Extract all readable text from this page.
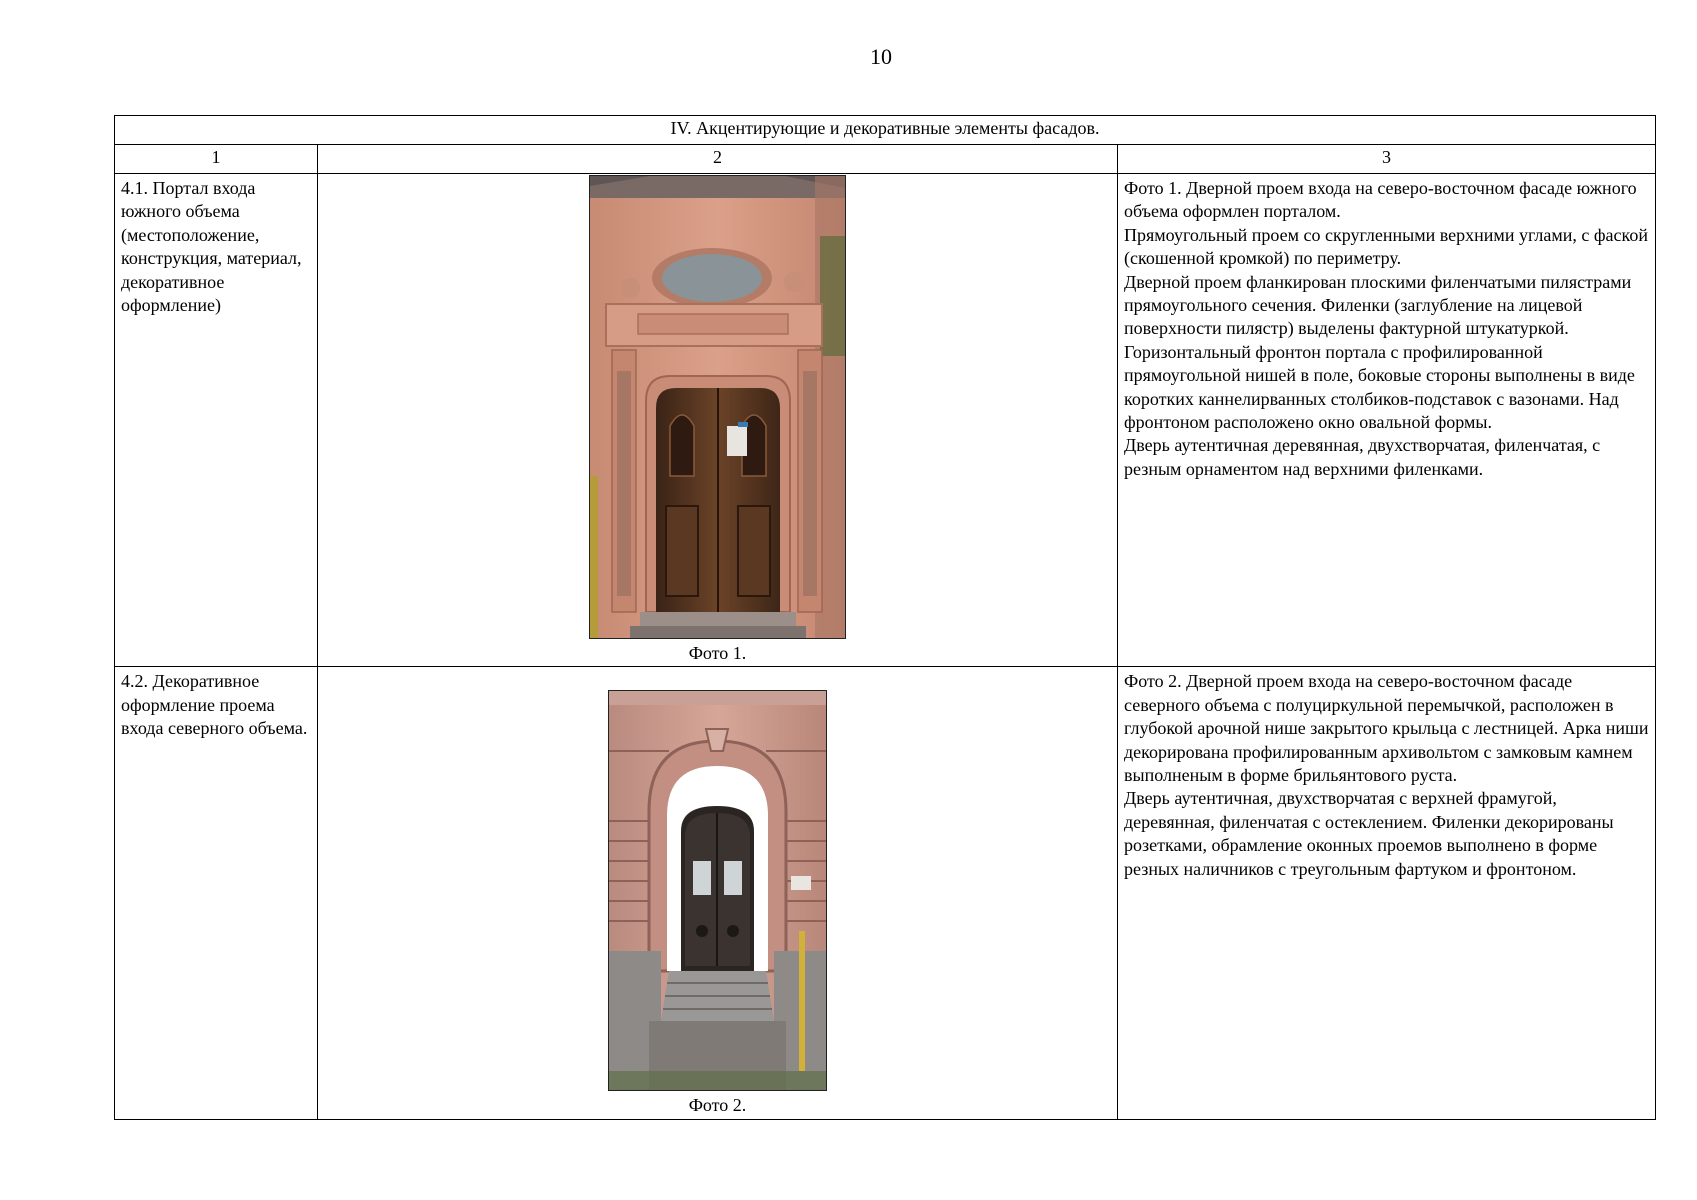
10
IV. Акцентирующие и декоративные элементы фасадов.		
1	2	3
4.1. Портал входа южного объема (местоположение, конструкция, материал, декоративное оформление)	Фото 1.	Фото 1. Дверной проем входа на северо-восточном фасаде южного объема оформлен порталом.

Прямоугольный проем со скругленными верхними углами, с фаской (скошенной кромкой) по периметру.

Дверной проем фланкирован плоскими филенчатыми пилястрами прямоугольного сечения. Филенки (заглубление на лицевой поверхности пилястр) выделены фактурной штукатуркой.

Горизонтальный фронтон портала с профилированной прямоугольной нишей в поле, боковые стороны выполнены в виде коротких каннелирванных столбиков-подставок с вазонами. Над фронтоном расположено окно овальной формы.

Дверь аутентичная деревянная, двухстворчатая, филенчатая, с резным орнаментом над верхними филенками.

4.2. Декоративное оформление проема входа северного объема.	Фото 2.	Фото 2. Дверной проем входа на северо-восточном фасаде северного объема с полуциркульной перемычкой, расположен в глубокой арочной нише закрытого крыльца с лестницей. Арка ниши декорирована профилированным архивольтом с замковым камнем выполненым в форме брильянтового руста.

Дверь аутентичная, двухстворчатая с верхней фрамугой, деревянная, филенчатая с остеклением. Филенки декорированы розетками, обрамление оконных проемов выполнено в форме резных наличников с треугольным фартуком и фронтоном.
